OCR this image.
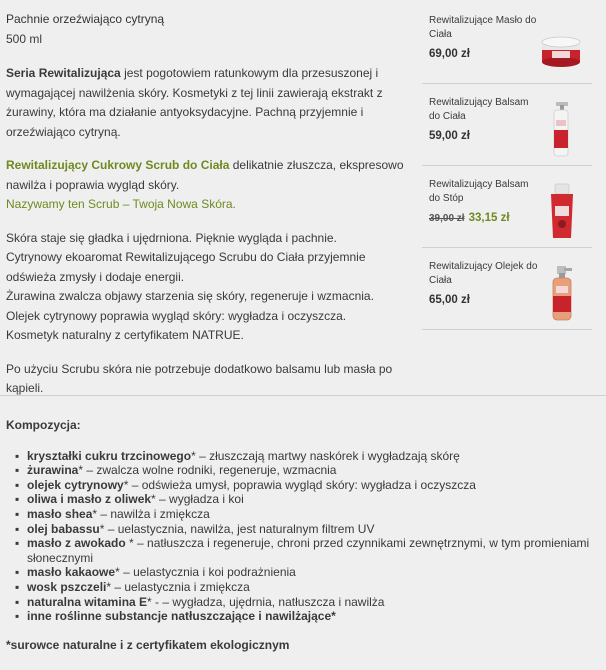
Pachnie orzeźwiająco cytryną
500 ml
Seria Rewitalizująca jest pogotowiem ratunkowym dla przesuszonej i wymagającej nawilżenia skóry. Kosmetyki z tej linii zawierają ekstrakt z żurawiny, która ma działanie antyoksydacyjne. Pachną przyjemnie i orzeźwiająco cytryną.
Rewitalizujący Cukrowy Scrub do Ciała delikatnie złuszcza, ekspresowo nawilża i poprawia wygląd skóry.
Nazywamy ten Scrub – Twoja Nowa Skóra.
Skóra staje się gładka i ujędrniona. Pięknie wygląda i pachnie.
Cytrynowy ekoaromat Rewitalizującego Scrubu do Ciała przyjemnie odświeża zmysły i dodaje energii.
Żurawina zwalcza objawy starzenia się skóry, regeneruje i wzmacnia.
Olejek cytrynowy poprawia wygląd skóry: wygładza i oczyszcza.
Kosmetyk naturalny z certyfikatem NATRUE.
Po użyciu Scrubu skóra nie potrzebuje dodatkowo balsamu lub masła po kąpieli.
Rewitalizujące Masło do Ciała
69,00 zł
Rewitalizujący Balsam do Ciała
59,00 zł
Rewitalizujący Balsam do Stóp
39,00 zł 33,15 zł
Rewitalizujący Olejek do Ciała
65,00 zł
Kompozycja:
▪ kryształki cukru trzcinowego* – złuszczają martwy naskórek i wygładzają skórę
▪ żurawina* – zwalcza wolne rodniki, regeneruje, wzmacnia
▪ olejek cytrynowy* – odświeża umysł, poprawia wygląd skóry: wygładza i oczyszcza
▪ oliwa i masło z oliwek* – wygładza i koi
▪ masło shea* – nawilża i zmiękcza
▪ olej babassu* – uelastycznia, nawilża, jest naturalnym filtrem UV
▪ masło z awokado * – natłuszcza i regeneruje, chroni przed czynnikami zewnętrznymi, w tym promieniami słonecznymi
▪ masło kakaowe* – uelastycznia i koi podrażnienia
▪ wosk pszczeli* – uelastycznia i zmiękcza
▪ naturalna witamina E* - – wygładza, ujędrnia, natłuszcza i nawilża
▪ inne roślinne substancje natłuszczające i nawilżające*
*surowce naturalne i z certyfikatem ekologicznym
